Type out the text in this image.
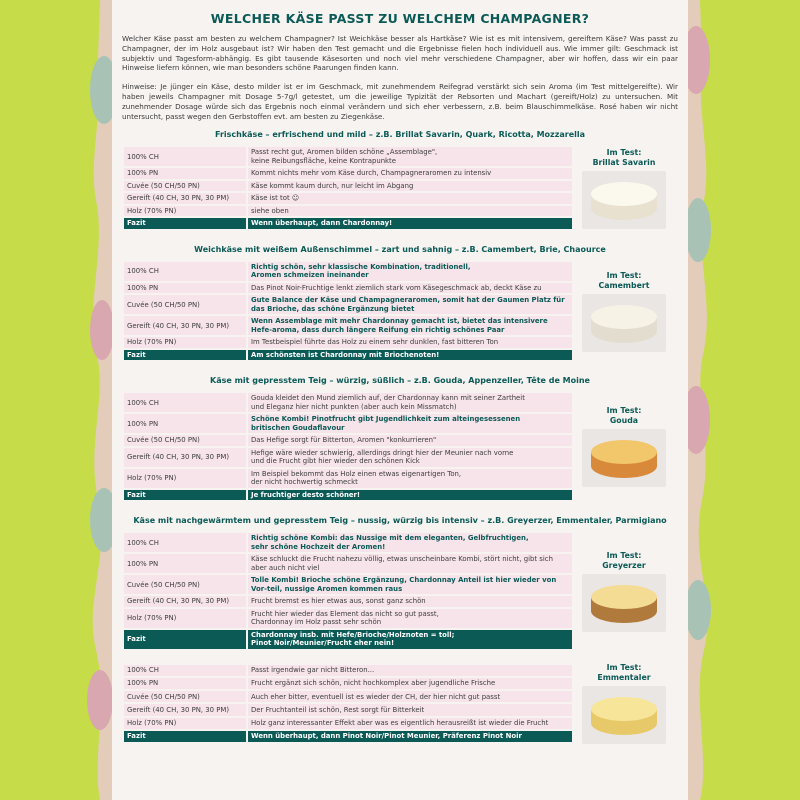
WELCHER KÄSE PASST ZU WELCHEM CHAMPAGNER?

Welcher Käse passt am besten zu welchem Champagner? Ist Weichkäse besser als Hartkäse? Wie ist es mit intensivem, gereiftem Käse? Was passt zu Champagner, der im Holz ausgebaut ist? Wir haben den Test gemacht und die Ergebnisse fielen hoch individuell aus. Wie immer gilt: Geschmack ist subjektiv und Tagesform-abhängig. Es gibt tausende Käsesorten und noch viel mehr verschiedene Champagner, aber wir hoffen, dass wir ein paar Hinweise liefern können, wie man besonders schöne Paarungen finden kann.

Hinweise: Je jünger ein Käse, desto milder ist er im Geschmack, mit zunehmendem Reifegrad verstärkt sich sein Aroma (im Test mittelgereifte). Wir haben jeweils Champagner mit Dosage 5-7g/l getestet, um die jeweilige Typizität der Rebsorten und Machart (gereift/Holz) zu untersuchen. Mit zunehmender Dosage würde sich das Ergebnis noch einmal verändern und sich eher verbessern, z.B. beim Blauschimmelkäse. Rosé haben wir nicht untersucht, passt wegen den Gerbstoffen evt. am besten zu Ziegenkäse.

Frischkäse – erfrischend und mild – z.B. Brillat Savarin, Quark, Ricotta, Mozzarella
100% CH	Passt recht gut, Aromen bilden schöne „Assemblage",
keine Reibungsfläche, keine Kontrapunkte
100% PN	Kommt nichts mehr vom Käse durch, Champagneraromen zu intensiv
Cuvée (50 CH/50 PN)	Käse kommt kaum durch, nur leicht im Abgang
Gereift (40 CH, 30 PN, 30 PM)	Käse ist tot ☺
Holz (70% PN)	siehe oben
Fazit	Wenn überhaupt, dann Chardonnay!
Im Test:
Brillat Savarin
Weichkäse mit weißem Außenschimmel – zart und sahnig – z.B. Camembert, Brie, Chaource
100% CH	Richtig schön, sehr klassische Kombination, traditionell,
Aromen schmeizen ineinander
100% PN	Das Pinot Noir-Fruchtige lenkt ziemlich stark vom Käsegeschmack ab, deckt Käse zu
Cuvée (50 CH/50 PN)	Gute Balance der Käse und Champagneraromen, somit hat der Gaumen Platz für das Brioche, das schöne Ergänzung bietet
Gereift (40 CH, 30 PN, 30 PM)	Wenn Assemblage mit mehr Chardonnay gemacht ist, bietet das intensivere Hefe-aroma, dass durch längere Reifung ein richtig schönes Paar
Holz (70% PN)	Im Testbeispiel führte das Holz zu einem sehr dunklen, fast bitteren Ton
Fazit	Am schönsten ist Chardonnay mit Briochenoten!
Im Test:
Camembert
Käse mit gepresstem Teig – würzig, süßlich – z.B. Gouda, Appenzeller, Tête de Moine
100% CH	Gouda kleidet den Mund ziemlich auf, der Chardonnay kann mit seiner Zartheit
und Eleganz hier nicht punkten (aber auch kein Missmatch)
100% PN	Schöne Kombi! Pinotfrucht gibt Jugendlichkeit zum alteingesessenen
britischen Goudaflavour
Cuvée (50 CH/50 PN)	Das Hefige sorgt für Bitterton, Aromen "konkurrieren"
Gereift (40 CH, 30 PN, 30 PM)	Hefige wäre wieder schwierig, allerdings dringt hier der Meunier nach vorne
und die Frucht gibt hier wieder den schönen Kick
Holz (70% PN)	Im Beispiel bekommt das Holz einen etwas eigenartigen Ton,
der nicht hochwertig schmeckt
Fazit	Je fruchtiger desto schöner!
Im Test:
Gouda
Käse mit nachgewärmtem und gepresstem Teig – nussig, würzig bis intensiv – z.B. Greyerzer, Emmentaler, Parmigiano
100% CH	Richtig schöne Kombi: das Nussige mit dem eleganten, Gelbfruchtigen,
sehr schöne Hochzeit der Aromen!
100% PN	Käse schluckt die Frucht nahezu völlig, etwas unscheinbare Kombi, stört nicht, gibt sich aber auch nicht viel
Cuvée (50 CH/50 PN)	Tolle Kombi! Brioche schöne Ergänzung, Chardonnay Anteil ist hier wieder von Vor-teil, nussige Aromen kommen raus
Gereift (40 CH, 30 PN, 30 PM)	Frucht bremst es hier etwas aus, sonst ganz schön
Holz (70% PN)	Frucht hier wieder das Element das nicht so gut passt,
Chardonnay im Holz passt sehr schön
Fazit	Chardonnay insb. mit Hefe/Brioche/Holznoten = toll;
Pinot Noir/Meunier/Frucht eher nein!
Im Test:
Greyerzer
100% CH	Passt irgendwie gar nicht Bitteron...
100% PN	Frucht ergänzt sich schön, nicht hochkomplex aber jugendliche Frische
Cuvée (50 CH/50 PN)	Auch eher bitter, eventuell ist es wieder der CH, der hier nicht gut passt
Gereift (40 CH, 30 PN, 30 PM)	Der Fruchtanteil ist schön, Rest sorgt für Bitterkeit
Holz (70% PN)	Holz ganz interessanter Effekt aber was es eigentlich herausreißt ist wieder die Frucht
Fazit	Wenn überhaupt, dann Pinot Noir/Pinot Meunier, Präferenz Pinot Noir
Im Test:
Emmentaler
